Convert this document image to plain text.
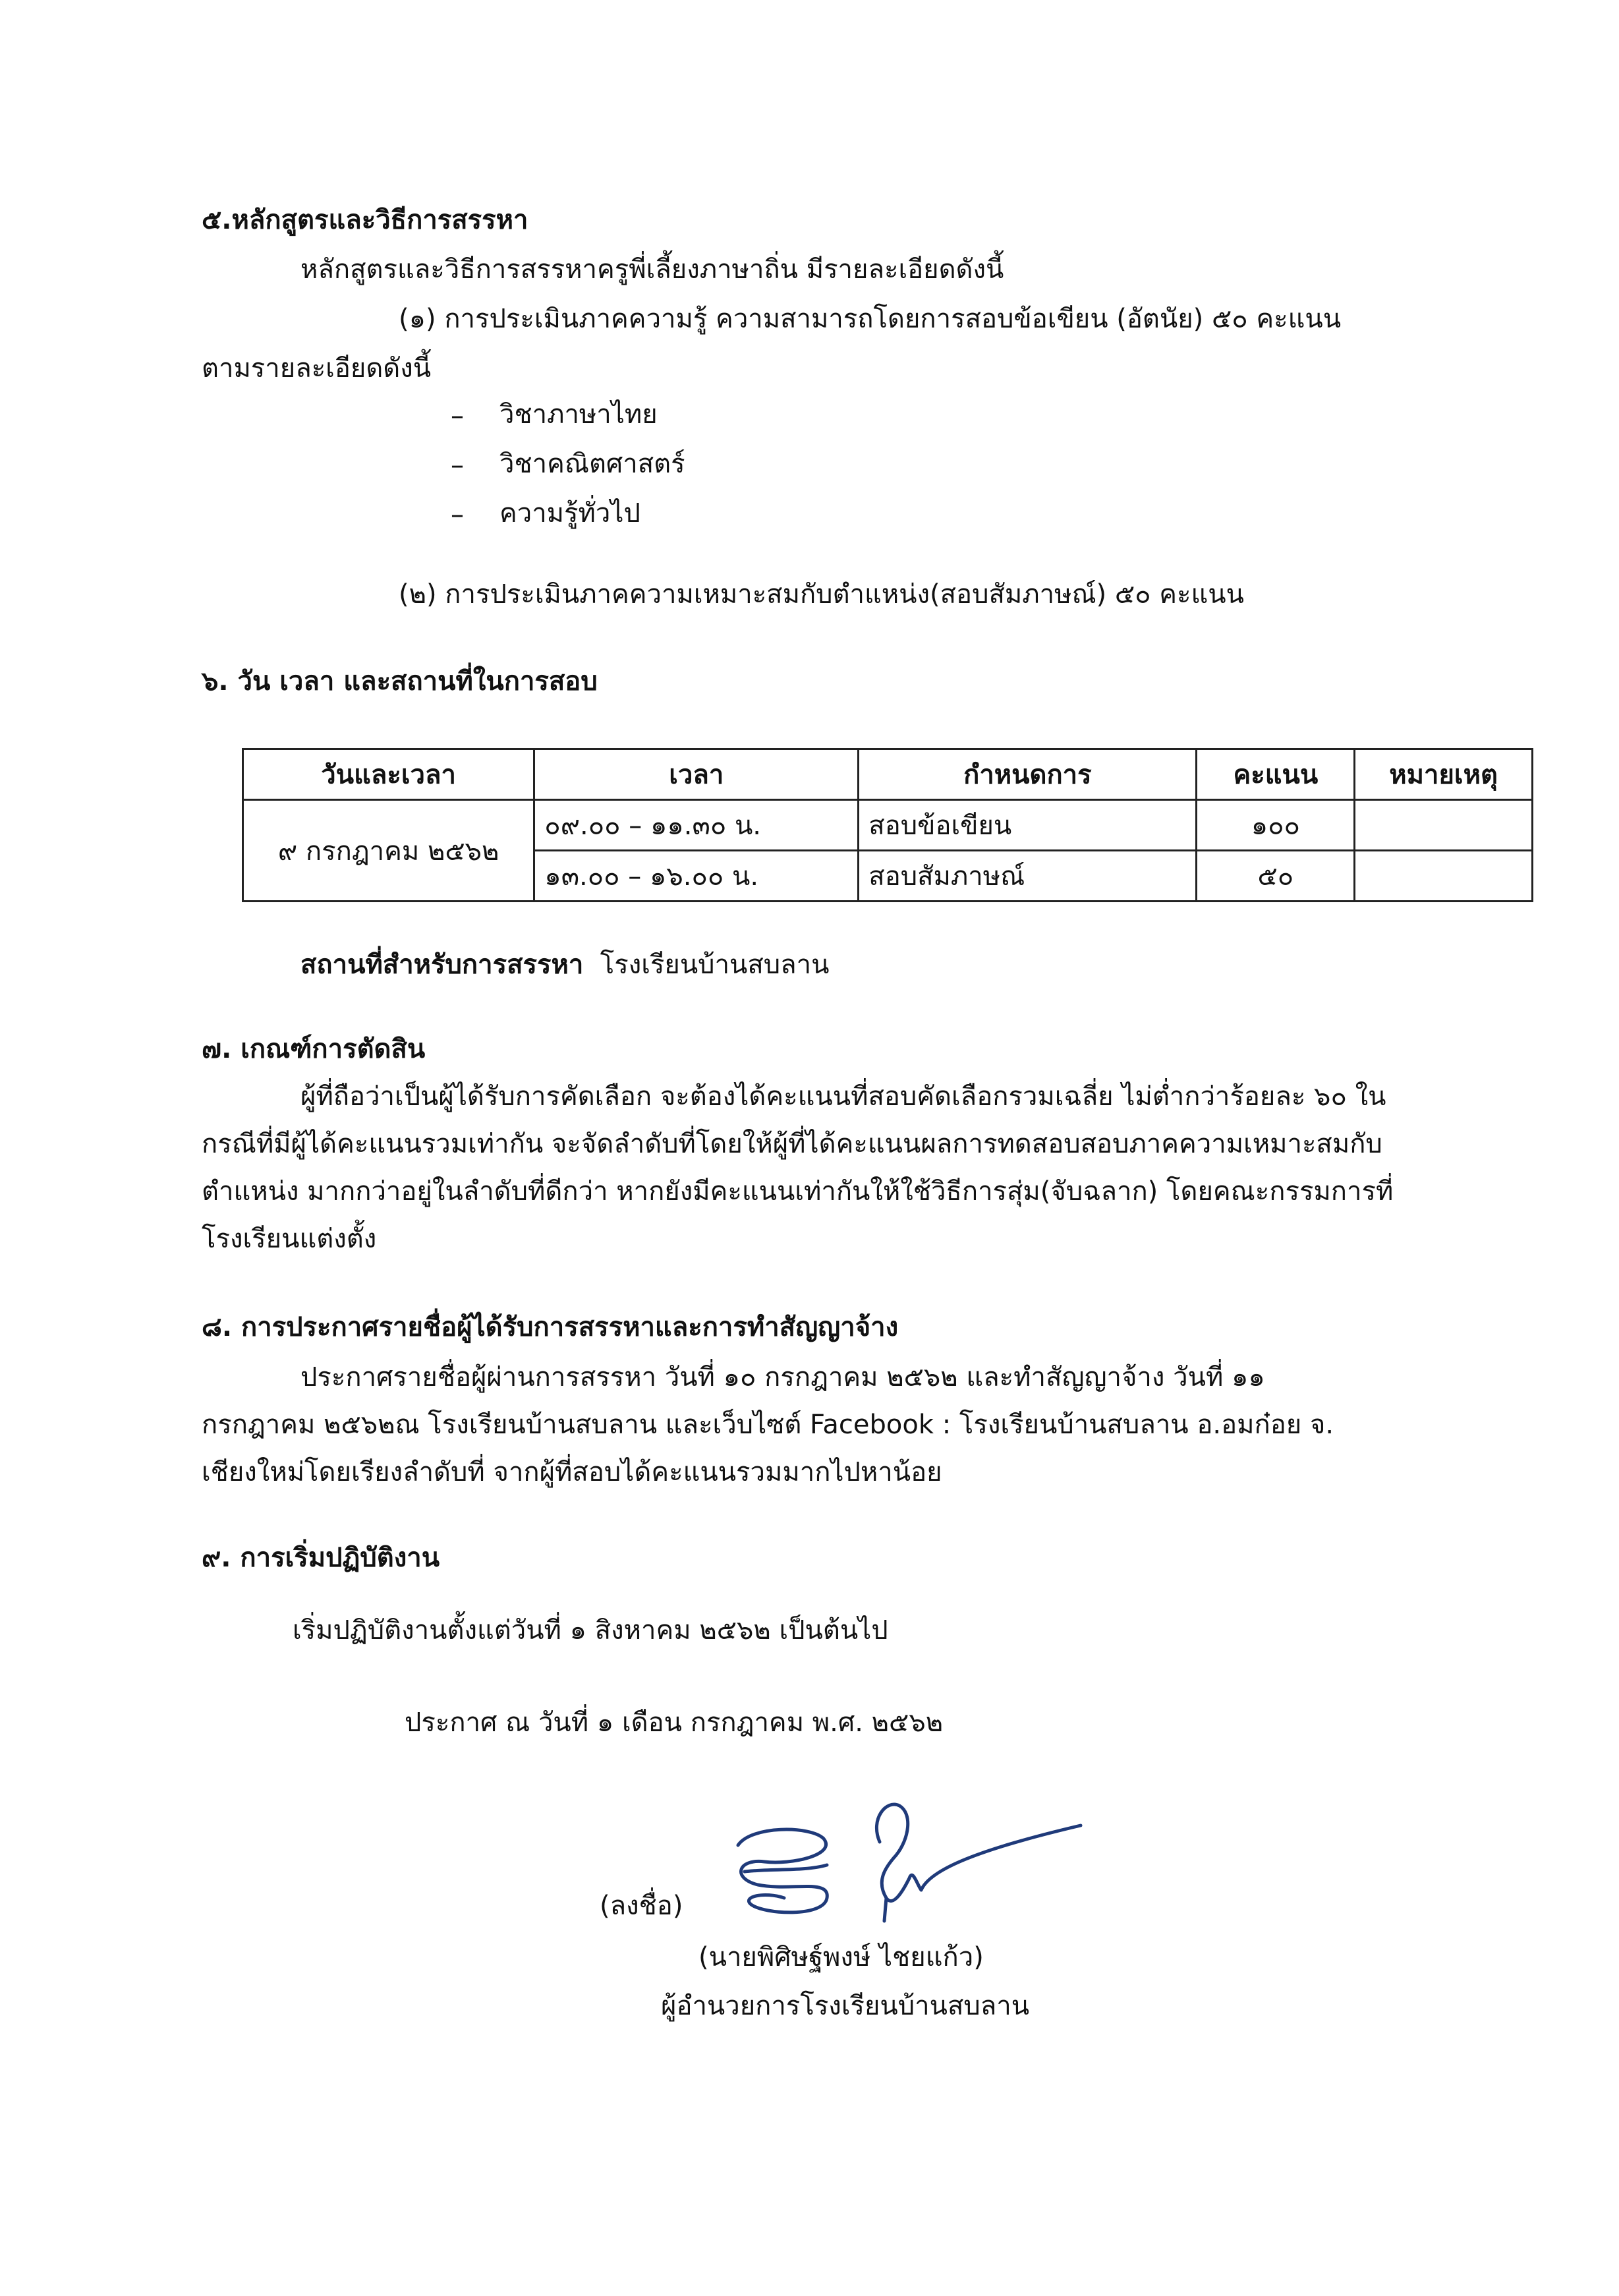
๕.หลักสูตรและวิธีการสรรหา
หลักสูตรและวิธีการสรรหาครูพี่เลี้ยงภาษาถิ่น มีรายละเอียดดังนี้
(๑) การประเมินภาคความรู้ ความสามารถโดยการสอบข้อเขียน (อัตนัย) ๕๐ คะแนน
ตามรายละเอียดดังนี้
– วิชาภาษาไทย
– วิชาคณิตศาสตร์
– ความรู้ทั่วไป
(๒) การประเมินภาคความเหมาะสมกับตำแหน่ง(สอบสัมภาษณ์) ๕๐ คะแนน
๖. วัน เวลา และสถานที่ในการสอบ
วันและเวลา	เวลา	กำหนดการ	คะแนน	หมายเหตุ
๙ กรกฎาคม ๒๕๖๒	๐๙.๐๐ – ๑๑.๓๐ น.	สอบข้อเขียน	๑๐๐	
	๑๓.๐๐ – ๑๖.๐๐ น.	สอบสัมภาษณ์	๕๐	
สถานที่สำหรับการสรรหา โรงเรียนบ้านสบลาน
๗. เกณฑ์การตัดสิน
ผู้ที่ถือว่าเป็นผู้ได้รับการคัดเลือก จะต้องได้คะแนนที่สอบคัดเลือกรวมเฉลี่ย ไม่ต่ำกว่าร้อยละ ๖๐ ใน
กรณีที่มีผู้ได้คะแนนรวมเท่ากัน จะจัดลำดับที่โดยให้ผู้ที่ได้คะแนนผลการทดสอบสอบภาคความเหมาะสมกับ
ตำแหน่ง มากกว่าอยู่ในลำดับที่ดีกว่า หากยังมีคะแนนเท่ากันให้ใช้วิธีการสุ่ม(จับฉลาก) โดยคณะกรรมการที่
โรงเรียนแต่งตั้ง
๘. การประกาศรายชื่อผู้ได้รับการสรรหาและการทำสัญญาจ้าง
ประกาศรายชื่อผู้ผ่านการสรรหา วันที่ ๑๐ กรกฎาคม ๒๕๖๒ และทำสัญญาจ้าง วันที่ ๑๑
กรกฎาคม ๒๕๖๒ณ โรงเรียนบ้านสบลาน และเว็บไซต์ Facebook : โรงเรียนบ้านสบลาน อ.อมก๋อย จ.
เชียงใหม่โดยเรียงลำดับที่ จากผู้ที่สอบได้คะแนนรวมมากไปหาน้อย
๙. การเริ่มปฏิบัติงาน
เริ่มปฏิบัติงานตั้งแต่วันที่ ๑ สิงหาคม ๒๕๖๒ เป็นต้นไป
ประกาศ ณ วันที่ ๑ เดือน กรกฎาคม พ.ศ. ๒๕๖๒
(ลงชื่อ)
(นายพิศิษฐ์พงษ์ ไชยแก้ว)
ผู้อำนวยการโรงเรียนบ้านสบลาน
